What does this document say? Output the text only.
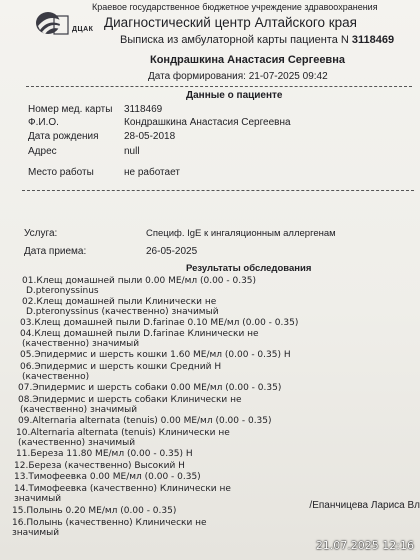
ДЦАК
Краевое государственное бюджетное учреждение здравоохранения
Диагностический центр Алтайского края
Выписка из амбулаторной карты пациента N 3118469
Кондрашкина Анастасия Сергеевна
Дата формирования: 21-07-2025 09:42
Данные о пациенте
Номер мед. карты 3118469
Ф.И.О.	Кондрашкина Анастасия Сергеевна
Дата рождения	28-05-2018
Адрес	null
Место работы	не работает
Услуга:	Специф. IgE к ингаляционным аллергенам
Дата приема:	26-05-2025
Результаты обследования
01.Клещ домашней пыли 0.00 МЕ/мл (0.00 - 0.35)
D.pteronyssinus
02.Клещ домашней пыли Клинически не
D.pteronyssinus (качественно) значимый
03.Клещ домашней пыли D.farinae 0.10 МЕ/мл (0.00 - 0.35)
04.Клещ домашней пыли D.farinae Клинически не
(качественно) значимый
05.Эпидермис и шерсть кошки 1.60 МЕ/мл (0.00 - 0.35) H
06.Эпидермис и шерсть кошки Средний H
(качественно)
07.Эпидермис и шерсть собаки 0.00 МЕ/мл (0.00 - 0.35)
08.Эпидермис и шерсть собаки Клинически не
(качественно) значимый
09.Alternaria alternata (tenuis) 0.00 МЕ/мл (0.00 - 0.35)
10.Alternaria alternata (tenuis) Клинически не
(качественно) значимый
11.Береза 11.80 МЕ/мл (0.00 - 0.35) H
12.Береза (качественно) Высокий H
13.Тимофеевка 0.00 МЕ/мл (0.00 - 0.35)
14.Тимофеевка (качественно) Клинически не
значимый
15.Полынь 0.20 МЕ/мл (0.00 - 0.35)
16.Полынь (качественно) Клинически не
значимый
/Епанчицева Лариса Вл
21.07.2025 12:16
